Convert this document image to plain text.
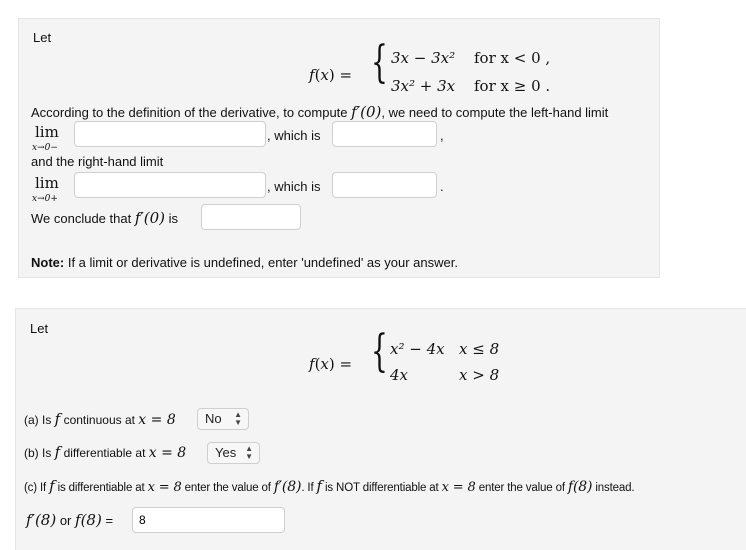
Let
f(x) = { 3x − 3x² for x < 0 ,
3x² + 3x for x ≥ 0 .
According to the definition of the derivative, to compute f′(0), we need to compute the left-hand limit
lim
x→0−
, which is	,
and the right-hand limit
lim
x→0+
, which is	.
We conclude that f′(0) is
Note: If a limit or derivative is undefined, enter 'undefined' as your answer.
Let
f(x) = { x² − 4x x ≤ 8
4x	x > 8
(a) Is f continuous at x = 8	No ▲
▼
(b) Is f differentiable at x = 8	Yes ▲
▼
(c) If f is differentiable at x = 8 enter the value of f′(8). If f is NOT differentiable at x = 8 enter the value of f(8) instead.
f′(8) or f(8) =
8
